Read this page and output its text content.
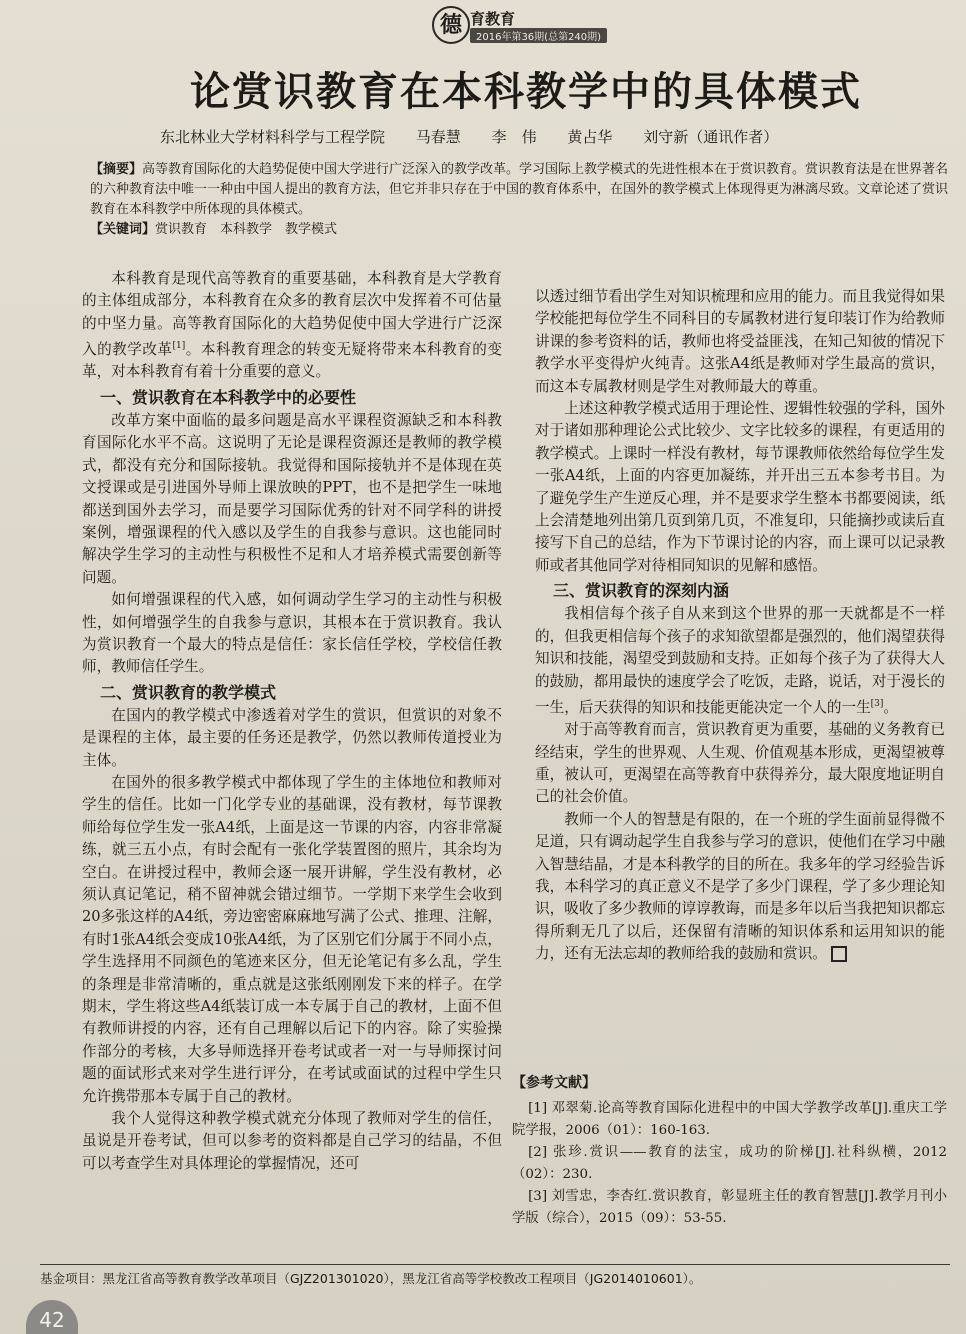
德 育教育
2016年第36期(总第240期)
论赏识教育在本科教学中的具体模式
东北林业大学材料科学与工程学院 马春慧 李　伟 黄占华 刘守新（通讯作者）

【摘要】高等教育国际化的大趋势促使中国大学进行广泛深入的教学改革。学习国际上教学模式的先进性根本在于赏识教育。赏识教育法是在世界著名的六种教育法中唯一一种由中国人提出的教育方法，但它并非只存在于中国的教育体系中，在国外的教学模式上体现得更为淋漓尽致。文章论述了赏识教育在本科教学中所体现的具体模式。

【关键词】赏识教育　本科教学　教学模式

本科教育是现代高等教育的重要基础，本科教育是大学教育的主体组成部分，本科教育在众多的教育层次中发挥着不可估量的中坚力量。高等教育国际化的大趋势促使中国大学进行广泛深入的教学改革[1]。本科教育理念的转变无疑将带来本科教育的变革，对本科教育有着十分重要的意义。

一、赏识教育在本科教学中的必要性

改革方案中面临的最多问题是高水平课程资源缺乏和本科教育国际化水平不高。这说明了无论是课程资源还是教师的教学模式，都没有充分和国际接轨。我觉得和国际接轨并不是体现在英文授课或是引进国外导师上课放映的PPT，也不是把学生一味地都送到国外去学习，而是要学习国际优秀的针对不同学科的讲授案例，增强课程的代入感以及学生的自我参与意识。这也能同时解决学生学习的主动性与积极性不足和人才培养模式需要创新等问题。

如何增强课程的代入感，如何调动学生学习的主动性与积极性，如何增强学生的自我参与意识，其根本在于赏识教育。我认为赏识教育一个最大的特点是信任：家长信任学校，学校信任教师，教师信任学生。

二、赏识教育的教学模式

在国内的教学模式中渗透着对学生的赏识，但赏识的对象不是课程的主体，最主要的任务还是教学，仍然以教师传道授业为主体。

在国外的很多教学模式中都体现了学生的主体地位和教师对学生的信任。比如一门化学专业的基础课，没有教材，每节课教师给每位学生发一张A4纸，上面是这一节课的内容，内容非常凝练，就三五小点，有时会配有一张化学装置图的照片，其余均为空白。在讲授过程中，教师会逐一展开讲解，学生没有教材，必须认真记笔记，稍不留神就会错过细节。一学期下来学生会收到20多张这样的A4纸，旁边密密麻麻地写满了公式、推理、注解，有时1张A4纸会变成10张A4纸，为了区别它们分属于不同小点，学生选择用不同颜色的笔迹来区分，但无论笔记有多么乱，学生的条理是非常清晰的，重点就是这张纸刚刚发下来的样子。在学期末，学生将这些A4纸装订成一本专属于自己的教材，上面不但有教师讲授的内容，还有自己理解以后记下的内容。除了实验操作部分的考核，大多导师选择开卷考试或者一对一与导师探讨问题的面试形式来对学生进行评分，在考试或面试的过程中学生只允许携带那本专属于自己的教材。

我个人觉得这种教学模式就充分体现了教师对学生的信任，虽说是开卷考试，但可以参考的资料都是自己学习的结晶，不但可以考查学生对具体理论的掌握情况，还可

以透过细节看出学生对知识梳理和应用的能力。而且我觉得如果学校能把每位学生不同科目的专属教材进行复印装订作为给教师讲课的参考资料的话，教师也将受益匪浅，在知己知彼的情况下教学水平变得炉火纯青。这张A4纸是教师对学生最高的赏识，而这本专属教材则是学生对教师最大的尊重。

上述这种教学模式适用于理论性、逻辑性较强的学科，国外对于诸如那种理论公式比较少、文字比较多的课程，有更适用的教学模式。上课时一样没有教材，每节课教师依然给每位学生发一张A4纸，上面的内容更加凝练，并开出三五本参考书目。为了避免学生产生逆反心理，并不是要求学生整本书都要阅读，纸上会清楚地列出第几页到第几页，不准复印，只能摘抄或读后直接写下自己的总结，作为下节课讨论的内容，而上课可以记录教师或者其他同学对待相同知识的见解和感悟。

三、赏识教育的深刻内涵

我相信每个孩子自从来到这个世界的那一天就都是不一样的，但我更相信每个孩子的求知欲望都是强烈的，他们渴望获得知识和技能，渴望受到鼓励和支持。正如每个孩子为了获得大人的鼓励，都用最快的速度学会了吃饭，走路，说话，对于漫长的一生，后天获得的知识和技能更能决定一个人的一生[3]。

对于高等教育而言，赏识教育更为重要，基础的义务教育已经结束，学生的世界观、人生观、价值观基本形成，更渴望被尊重，被认可，更渴望在高等教育中获得养分，最大限度地证明自己的社会价值。

教师一个人的智慧是有限的，在一个班的学生面前显得微不足道，只有调动起学生自我参与学习的意识，使他们在学习中融入智慧结晶，才是本科教学的目的所在。我多年的学习经验告诉我，本科学习的真正意义不是学了多少门课程，学了多少理论知识，吸收了多少教师的谆谆教诲，而是多年以后当我把知识都忘得所剩无几了以后，还保留有清晰的知识体系和运用知识的能力，还有无法忘却的教师给我的鼓励和赏识。

【参考文献】

[1] 邓翠菊.论高等教育国际化进程中的中国大学教学改革[J].重庆工学院学报，2006（01）：160-163.

[2] 张珍.赏识——教育的法宝，成功的阶梯[J].社科纵横，2012（02）：230.

[3] 刘雪忠，李杏红.赏识教育，彰显班主任的教育智慧[J].教学月刊小学版（综合），2015（09）：53-55.

基金项目：黑龙江省高等教育教学改革项目（GJZ201301020），黑龙江省高等学校教改工程项目（JG2014010601）。
42
